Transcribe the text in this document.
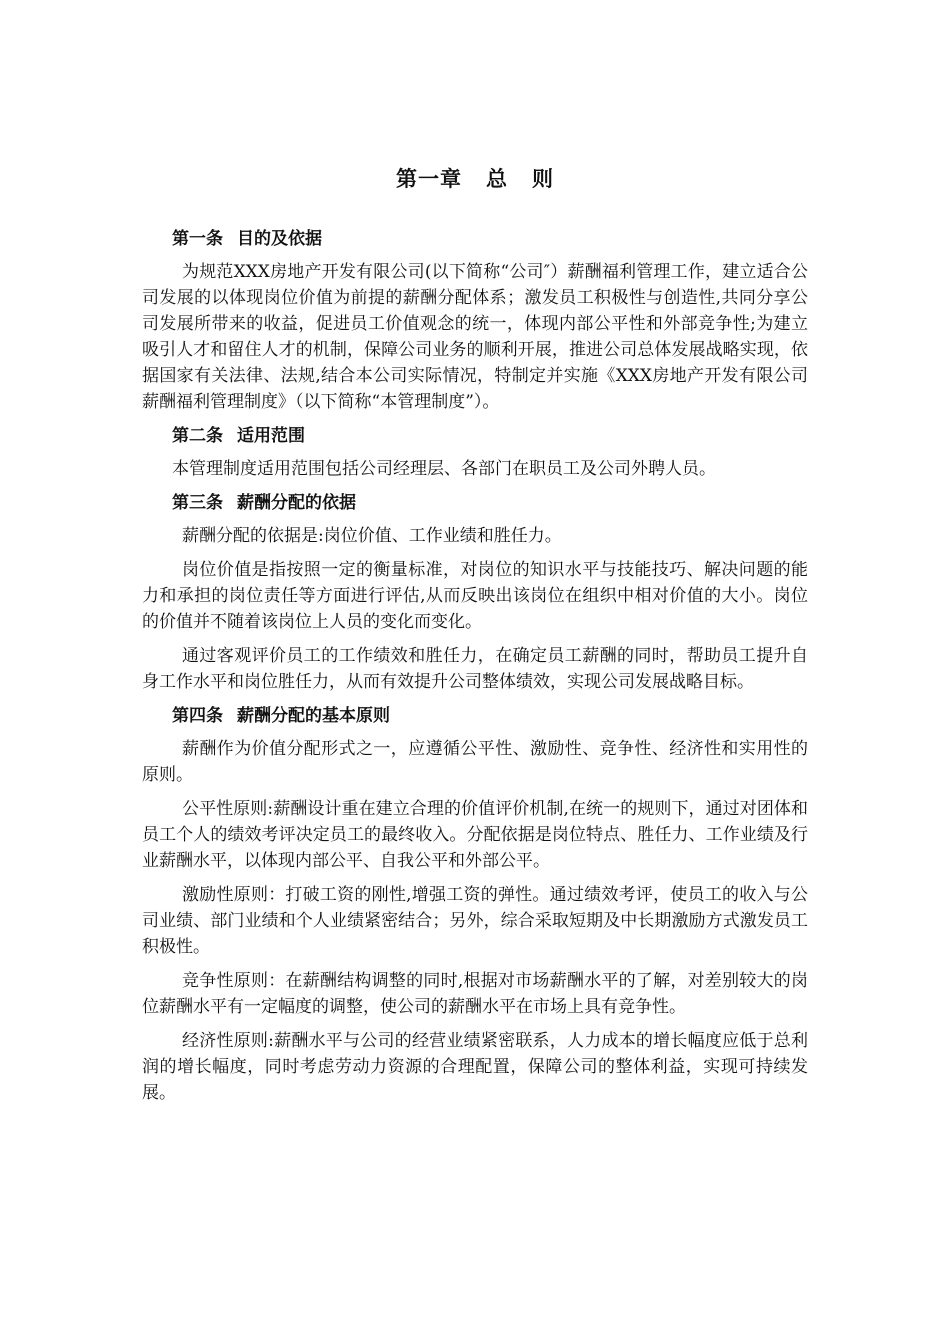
第一章 总 则
第一条 目的及依据

为规范XXX房地产开发有限公司(以下简称“公司″）薪酬福利管理工作，建立适合公司发展的以体现岗位价值为前提的薪酬分配体系；激发员工积极性与创造性,共同分享公司发展所带来的收益，促进员工价值观念的统一，体现内部公平性和外部竞争性;为建立吸引人才和留住人才的机制，保障公司业务的顺利开展，推进公司总体发展战略实现，依据国家有关法律、法规,结合本公司实际情况，特制定并实施《XXX房地产开发有限公司薪酬福利管理制度》（以下简称“本管理制度”）。

第二条 适用范围

本管理制度适用范围包括公司经理层、各部门在职员工及公司外聘人员。

第三条 薪酬分配的依据

薪酬分配的依据是:岗位价值、工作业绩和胜任力。

岗位价值是指按照一定的衡量标准，对岗位的知识水平与技能技巧、解决问题的能力和承担的岗位责任等方面进行评估,从而反映出该岗位在组织中相对价值的大小。岗位的价值并不随着该岗位上人员的变化而变化。

通过客观评价员工的工作绩效和胜任力，在确定员工薪酬的同时，帮助员工提升自身工作水平和岗位胜任力，从而有效提升公司整体绩效，实现公司发展战略目标。

第四条 薪酬分配的基本原则

薪酬作为价值分配形式之一，应遵循公平性、激励性、竞争性、经济性和实用性的原则。

公平性原则:薪酬设计重在建立合理的价值评价机制,在统一的规则下，通过对团体和员工个人的绩效考评决定员工的最终收入。分配依据是岗位特点、胜任力、工作业绩及行业薪酬水平，以体现内部公平、自我公平和外部公平。

激励性原则：打破工资的刚性,增强工资的弹性。通过绩效考评，使员工的收入与公司业绩、部门业绩和个人业绩紧密结合；另外，综合采取短期及中长期激励方式激发员工积极性。

竞争性原则：在薪酬结构调整的同时,根据对市场薪酬水平的了解，对差别较大的岗位薪酬水平有一定幅度的调整，使公司的薪酬水平在市场上具有竞争性。

经济性原则:薪酬水平与公司的经营业绩紧密联系，人力成本的增长幅度应低于总利润的增长幅度，同时考虑劳动力资源的合理配置，保障公司的整体利益，实现可持续发展。
